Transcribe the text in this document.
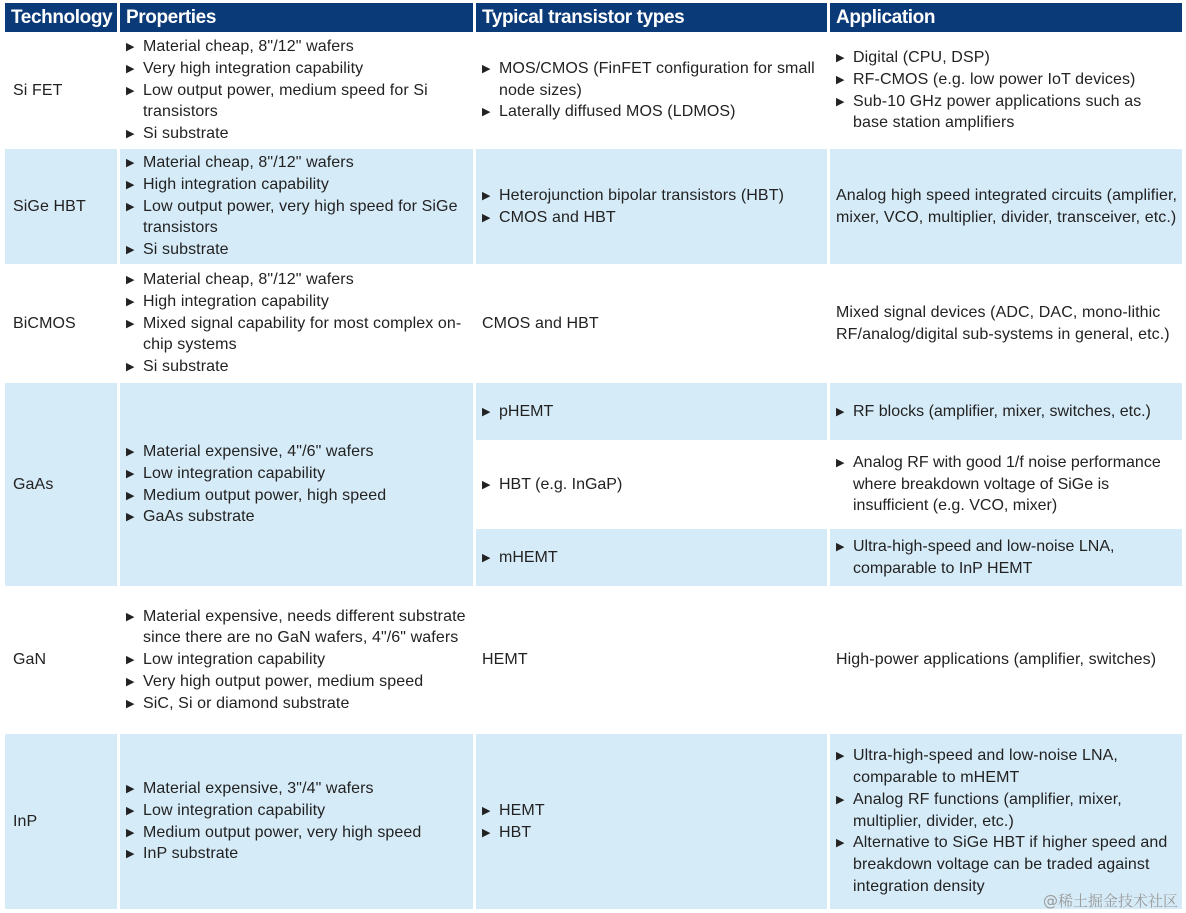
Technology Properties	Typical transistor types	Application
Si FET
▶ Material cheap, 8"/12" wafers
▶ Very high integration capability
▶ Low output power, medium speed for Si transistors
▶ Si substrate
▶ MOS/CMOS (FinFET configuration for small node sizes)
▶ Laterally diffused MOS (LDMOS)
▶ Digital (CPU, DSP)
▶ RF-CMOS (e.g. low power IoT devices)
▶ Sub-10 GHz power applications such as base station amplifiers
SiGe HBT
▶ Material cheap, 8"/12" wafers
▶ High integration capability
▶ Low output power, very high speed for SiGe transistors
▶ Si substrate
▶ Heterojunction bipolar transistors (HBT)
▶ CMOS and HBT
Analog high speed integrated circuits (amplifier, mixer, VCO, multiplier, divider, transceiver, etc.)
BiCMOS
▶ Material cheap, 8"/12" wafers
▶ High integration capability
▶ Mixed signal capability for most complex on-chip systems
▶ Si substrate
CMOS and HBT
Mixed signal devices (ADC, DAC, mono-lithic RF/analog/digital sub-systems in general, etc.)
GaAs
▶ Material expensive, 4"/6" wafers
▶ Low integration capability
▶ Medium output power, high speed
▶ GaAs substrate
▶ pHEMT
▶	RF blocks (amplifier, mixer, switches, etc.)
▶ HBT (e.g. InGaP)
▶ Analog RF with good 1/f noise performance where breakdown voltage of SiGe is insufficient (e.g. VCO, mixer)
▶ mHEMT
▶ Ultra-high-speed and low-noise LNA, comparable to InP HEMT
GaN
▶ Material expensive, needs different substrate since there are no GaN wafers, 4"/6" wafers
▶ Low integration capability
▶ Very high output power, medium speed
▶ SiC, Si or diamond substrate
HEMT	High-power applications (amplifier, switches)
InP
▶ Material expensive, 3"/4" wafers
▶ Low integration capability
▶ Medium output power, very high speed
▶ InP substrate
▶ HEMT
▶ HBT
▶ Ultra-high-speed and low-noise LNA, comparable to mHEMT
▶ Analog RF functions (amplifier, mixer, multiplier, divider, etc.)
▶ Alternative to SiGe HBT if higher speed and breakdown voltage can be traded against integration density
@稀土掘金技术社区
